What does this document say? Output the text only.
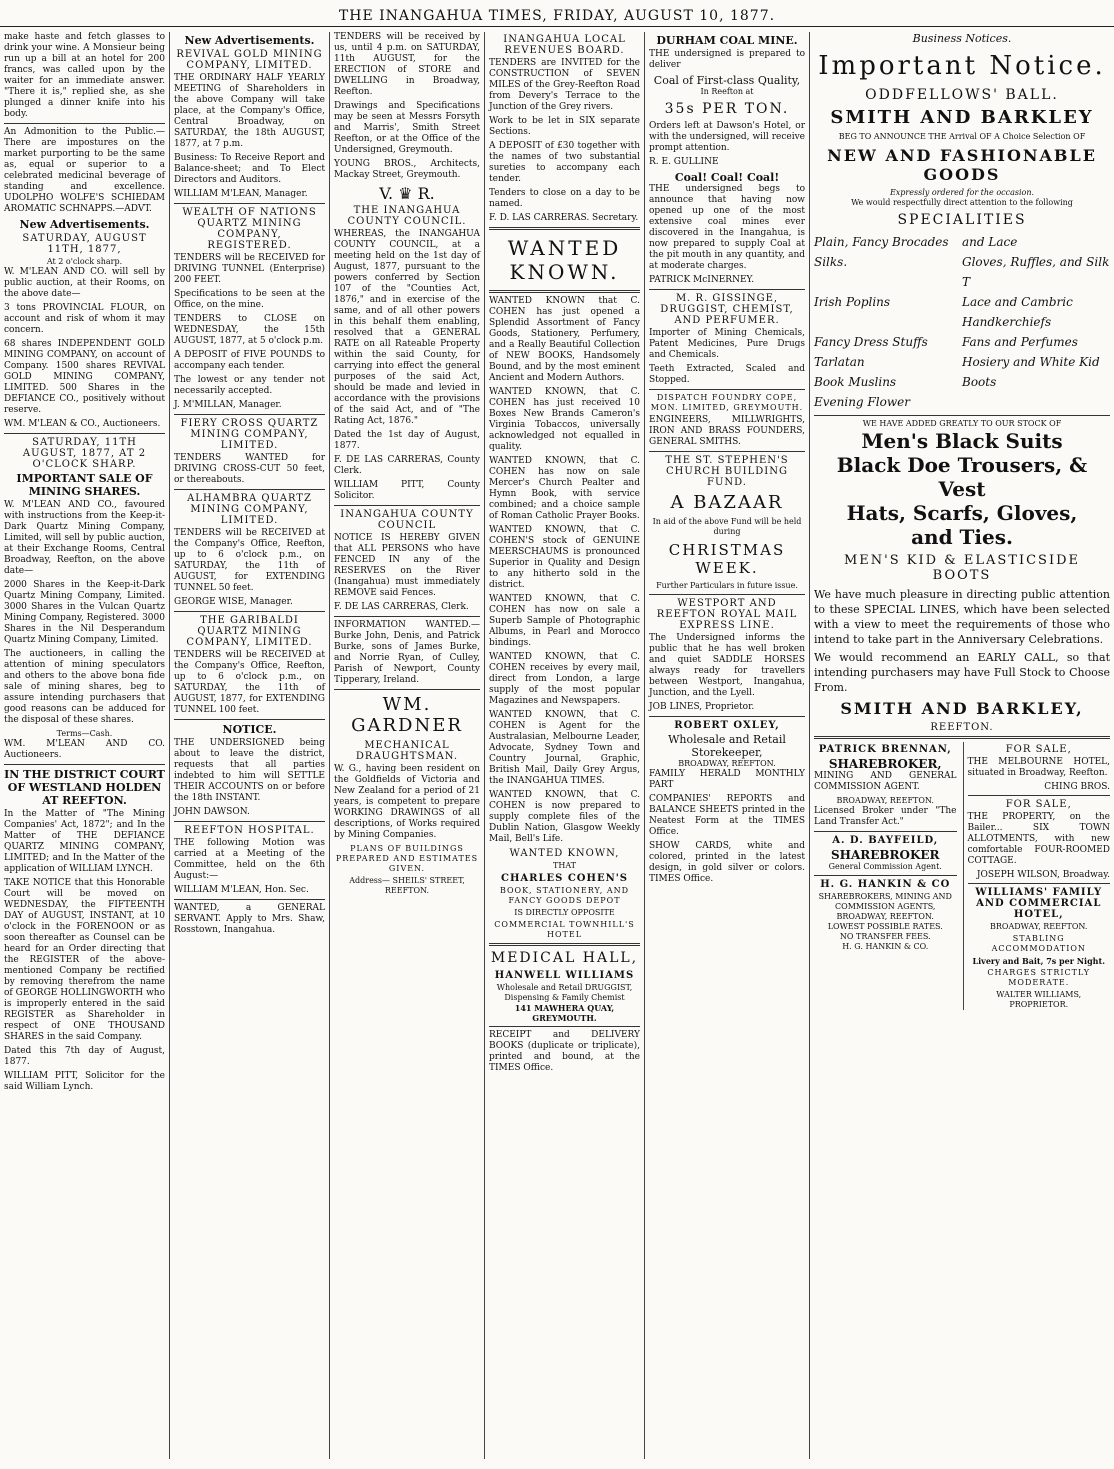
THE INANGAHUA TIMES, FRIDAY, AUGUST 10, 1877.

make haste and fetch glasses to drink your wine. A Monsieur being run up a bill at an hotel for 200 francs, was called upon by the waiter for an immediate answer. "There it is," replied she, as she plunged a dinner knife into his body.

An Admonition to the Public.—There are impostures on the market purporting to be the same as, equal or superior to a celebrated medicinal beverage of standing and excellence. UDOLPHO WOLFE'S SCHIEDAM AROMATIC SCHNAPPS.—ADVT.

New Advertisements.
SATURDAY, AUGUST 11TH, 1877,
At 2 o'clock sharp.

W. M'LEAN AND CO. will sell by public auction, at their Rooms, on the above date—

3 tons PROVINCIAL FLOUR, on account and risk of whom it may concern.

68 shares INDEPENDENT GOLD MINING COMPANY, on account of Company. 1500 shares REVIVAL GOLD MINING COMPANY, LIMITED. 500 Shares in the DEFIANCE CO., positively without reserve.

WM. M'LEAN & CO., Auctioneers.

SATURDAY, 11TH AUGUST, 1877, AT 2 O'CLOCK SHARP.
IMPORTANT SALE OF MINING SHARES.

W. M'LEAN AND CO., favoured with instructions from the Keep-it-Dark Quartz Mining Company, Limited, will sell by public auction, at their Exchange Rooms, Central Broadway, Reefton, on the above date—

2000 Shares in the Keep-it-Dark Quartz Mining Company, Limited. 3000 Shares in the Vulcan Quartz Mining Company, Registered. 3000 Shares in the Nil Desperandum Quartz Mining Company, Limited.

The auctioneers, in calling the attention of mining speculators and others to the above bona fide sale of mining shares, beg to assure intending purchasers that good reasons can be adduced for the disposal of these shares.

Terms—Cash.

WM. M'LEAN AND CO. Auctioneers.

IN THE DISTRICT COURT OF WESTLAND HOLDEN AT REEFTON.

In the Matter of "The Mining Companies' Act, 1872"; and In the Matter of THE DEFIANCE QUARTZ MINING COMPANY, LIMITED; and In the Matter of the application of WILLIAM LYNCH.

TAKE NOTICE that this Honorable Court will be moved on WEDNESDAY, the FIFTEENTH DAY of AUGUST, INSTANT, at 10 o'clock in the FORENOON or as soon thereafter as Counsel can be heard for an Order directing that the REGISTER of the above-mentioned Company be rectified by removing therefrom the name of GEORGE HOLLINGWORTH who is improperly entered in the said REGISTER as Shareholder in respect of ONE THOUSAND SHARES in the said Company.

Dated this 7th day of August, 1877.

WILLIAM PITT, Solicitor for the said William Lynch.

New Advertisements.
REVIVAL GOLD MINING COMPANY, LIMITED.

THE ORDINARY HALF YEARLY MEETING of Shareholders in the above Company will take place, at the Company's Office, Central Broadway, on SATURDAY, the 18th AUGUST, 1877, at 7 p.m.

Business: To Receive Report and Balance-sheet; and To Elect Directors and Auditors.

WILLIAM M'LEAN, Manager.

WEALTH OF NATIONS QUARTZ MINING COMPANY, REGISTERED.

TENDERS will be RECEIVED for DRIVING TUNNEL (Enterprise) 200 FEET.

Specifications to be seen at the Office, on the mine.

TENDERS to CLOSE on WEDNESDAY, the 15th AUGUST, 1877, at 5 o'clock p.m.

A DEPOSIT of FIVE POUNDS to accompany each tender.

The lowest or any tender not necessarily accepted.

J. M'MILLAN, Manager.

FIERY CROSS QUARTZ MINING COMPANY, LIMITED.

TENDERS WANTED for DRIVING CROSS-CUT 50 feet, or thereabouts.

ALHAMBRA QUARTZ MINING COMPANY, LIMITED.

TENDERS will be RECEIVED at the Company's Office, Reefton, up to 6 o'clock p.m., on SATURDAY, the 11th of AUGUST, for EXTENDING TUNNEL 50 feet.

GEORGE WISE, Manager.

THE GARIBALDI QUARTZ MINING COMPANY, LIMITED.

TENDERS will be RECEIVED at the Company's Office, Reefton, up to 6 o'clock p.m., on SATURDAY, the 11th of AUGUST, 1877, for EXTENDING TUNNEL 100 feet.

NOTICE.

THE UNDERSIGNED being about to leave the district, requests that all parties indebted to him will SETTLE THEIR ACCOUNTS on or before the 18th INSTANT.

JOHN DAWSON.

REEFTON HOSPITAL.

THE following Motion was carried at a Meeting of the Committee, held on the 6th August:—

WILLIAM M'LEAN, Hon. Sec.

WANTED, a GENERAL SERVANT. Apply to Mrs. Shaw, Rosstown, Inangahua.

TENDERS will be received by us, until 4 p.m. on SATURDAY, 11th AUGUST, for the ERECTION of STORE and DWELLING in Broadway, Reefton.

Drawings and Specifications may be seen at Messrs Forsyth and Marris', Smith Street Reefton, or at the Office of the Undersigned, Greymouth.

YOUNG BROS., Architects, Mackay Street, Greymouth.

V. ♛ R.
THE INANGAHUA COUNTY COUNCIL.

WHEREAS, the INANGAHUA COUNTY COUNCIL, at a meeting held on the 1st day of August, 1877, pursuant to the powers conferred by Section 107 of the "Counties Act, 1876," and in exercise of the same, and of all other powers in this behalf them enabling, resolved that a GENERAL RATE on all Rateable Property within the said County, for carrying into effect the general purposes of the said Act, should be made and levied in accordance with the provisions of the said Act, and of "The Rating Act, 1876."

Dated the 1st day of August, 1877.

F. DE LAS CARRERAS, County Clerk.

WILLIAM PITT, County Solicitor.

INANGAHUA COUNTY COUNCIL

NOTICE IS HEREBY GIVEN that ALL PERSONS who have FENCED IN any of the RESERVES on the River (Inangahua) must immediately REMOVE said Fences.

F. DE LAS CARRERAS, Clerk.

INFORMATION WANTED.—Burke John, Denis, and Patrick Burke, sons of James Burke, and Norrie Ryan, of Culley, Parish of Newport, County Tipperary, Ireland.

WM. GARDNER
MECHANICAL DRAUGHTSMAN.

W. G., having been resident on the Goldfields of Victoria and New Zealand for a period of 21 years, is competent to prepare WORKING DRAWINGS of all descriptions, of Works required by Mining Companies.

PLANS OF BUILDINGS PREPARED AND ESTIMATES GIVEN.
Address— SHEILS' STREET, REEFTON.
INANGAHUA LOCAL REVENUES BOARD.

TENDERS are INVITED for the CONSTRUCTION of SEVEN MILES of the Grey-Reefton Road from Devery's Terrace to the Junction of the Grey rivers.

Work to be let in SIX separate Sections.

A DEPOSIT of £30 together with the names of two substantial sureties to accompany each tender.

Tenders to close on a day to be named.

F. D. LAS CARRERAS. Secretary.

WANTED KNOWN.

WANTED KNOWN that C. COHEN has just opened a Splendid Assortment of Fancy Goods, Stationery, Perfumery, and a Really Beautiful Collection of NEW BOOKS, Handsomely Bound, and by the most eminent Ancient and Modern Authors.

WANTED KNOWN, that C. COHEN has just received 10 Boxes New Brands Cameron's Virginia Tobaccos, universally acknowledged not equalled in quality.

WANTED KNOWN, that C. COHEN has now on sale Mercer's Church Pealter and Hymn Book, with service combined; and a choice sample of Roman Catholic Prayer Books.

WANTED KNOWN, that C. COHEN'S stock of GENUINE MEERSCHAUMS is pronounced Superior in Quality and Design to any hitherto sold in the district.

WANTED KNOWN, that C. COHEN has now on sale a Superb Sample of Photographic Albums, in Pearl and Morocco bindings.

WANTED KNOWN, that C. COHEN receives by every mail, direct from London, a large supply of the most popular Magazines and Newspapers.

WANTED KNOWN, that C. COHEN is Agent for the Australasian, Melbourne Leader, Advocate, Sydney Town and Country Journal, Graphic, British Mail, Daily Grey Argus, the INANGAHUA TIMES.

WANTED KNOWN, that C. COHEN is now prepared to supply complete files of the Dublin Nation, Glasgow Weekly Mail, Bell's Life.

WANTED KNOWN,
THAT
CHARLES COHEN'S
BOOK, STATIONERY, AND FANCY GOODS DEPOT
IS DIRECTLY OPPOSITE
COMMERCIAL TOWNHILL'S HOTEL
MEDICAL HALL,
HANWELL WILLIAMS
Wholesale and Retail DRUGGIST, Dispensing & Family Chemist
141 MAWHERA QUAY, GREYMOUTH.

RECEIPT and DELIVERY BOOKS (duplicate or triplicate), printed and bound, at the TIMES Office.

DURHAM COAL MINE.

THE undersigned is prepared to deliver

Coal of First-class Quality,
In Reefton at
35s PER TON.

Orders left at Dawson's Hotel, or with the undersigned, will receive prompt attention.

R. E. GULLINE

Coal! Coal! Coal!

THE undersigned begs to announce that having now opened up one of the most extensive coal mines ever discovered in the Inangahua, is now prepared to supply Coal at the pit mouth in any quantity, and at moderate charges.

PATRICK McINERNEY.

M. R. GISSINGE, DRUGGIST, CHEMIST, AND PERFUMER.

Importer of Mining Chemicals, Patent Medicines, Pure Drugs and Chemicals.

Teeth Extracted, Scaled and Stopped.

DISPATCH FOUNDRY COPE, MON. LIMITED, GREYMOUTH.

ENGINEERS, MILLWRIGHTS, IRON AND BRASS FOUNDERS, GENERAL SMITHS.

THE ST. STEPHEN'S CHURCH BUILDING FUND.
A BAZAAR
In aid of the above Fund will be held during
CHRISTMAS WEEK.
Further Particulars in future issue.
WESTPORT AND REEFTON ROYAL MAIL EXPRESS LINE.

The Undersigned informs the public that he has well broken and quiet SADDLE HORSES always ready for travellers between Westport, Inangahua, Junction, and the Lyell.

JOB LINES, Proprietor.

ROBERT OXLEY,
Wholesale and Retail Storekeeper,
BROADWAY, REEFTON.

FAMILY HERALD MONTHLY PART

COMPANIES' REPORTS and BALANCE SHEETS printed in the Neatest Form at the TIMES Office.

SHOW CARDS, white and colored, printed in the latest design, in gold silver or colors. TIMES Office.

Business Notices.
Important Notice.
ODDFELLOWS' BALL.
SMITH AND BARKLEY
BEG TO ANNOUNCE THE Arrival OF A Choice Selection OF
NEW AND FASHIONABLE GOODS
Expressly ordered for the occasion.
We would respectfully direct attention to the following
SPECIALITIES
Plain, Fancy Brocades	and Lace
Silks.	Gloves, Ruffles, and Silk T
Irish Poplins	Lace and Cambric Handkerchiefs
Fancy Dress Stuffs	Fans and Perfumes
Tarlatan	Hosiery and White Kid
Book Muslins	Boots
Evening Flower
WE HAVE ADDED GREATLY TO OUR STOCK OF
Men's Black Suits
Black Doe Trousers, & Vest
Hats, Scarfs, Gloves,
and Ties.
MEN'S KID & ELASTICSIDE BOOTS

We have much pleasure in directing public attention to these SPECIAL LINES, which have been selected with a view to meet the requirements of those who intend to take part in the Anniversary Celebrations.

We would recommend an EARLY CALL, so that intending purchasers may have Full Stock to Choose From.

SMITH AND BARKLEY,
REEFTON.
PATRICK BRENNAN,
SHAREBROKER,

MINING AND GENERAL COMMISSION AGENT.

BROADWAY, REEFTON.

Licensed Broker under "The Land Transfer Act."

A. D. BAYFEILD,
SHAREBROKER
General Commission Agent.
H. G. HANKIN & CO
SHAREBROKERS, MINING AND COMMISSION AGENTS,
BROADWAY, REEFTON.
LOWEST POSSIBLE RATES.
NO TRANSFER FEES.
H. G. HANKIN & CO.
FOR SALE,

THE MELBOURNE HOTEL, situated in Broadway, Reefton.

CHING BROS.
FOR SALE,

THE PROPERTY, on the Bailer... SIX TOWN ALLOTMENTS, with new comfortable FOUR-ROOMED COTTAGE.

JOSEPH WILSON, Broadway.
WILLIAMS' FAMILY AND COMMERCIAL HOTEL,
BROADWAY, REEFTON.
STABLING ACCOMMODATION
Livery and Bait, 7s per Night.
CHARGES STRICTLY MODERATE.
WALTER WILLIAMS, PROPRIETOR.
